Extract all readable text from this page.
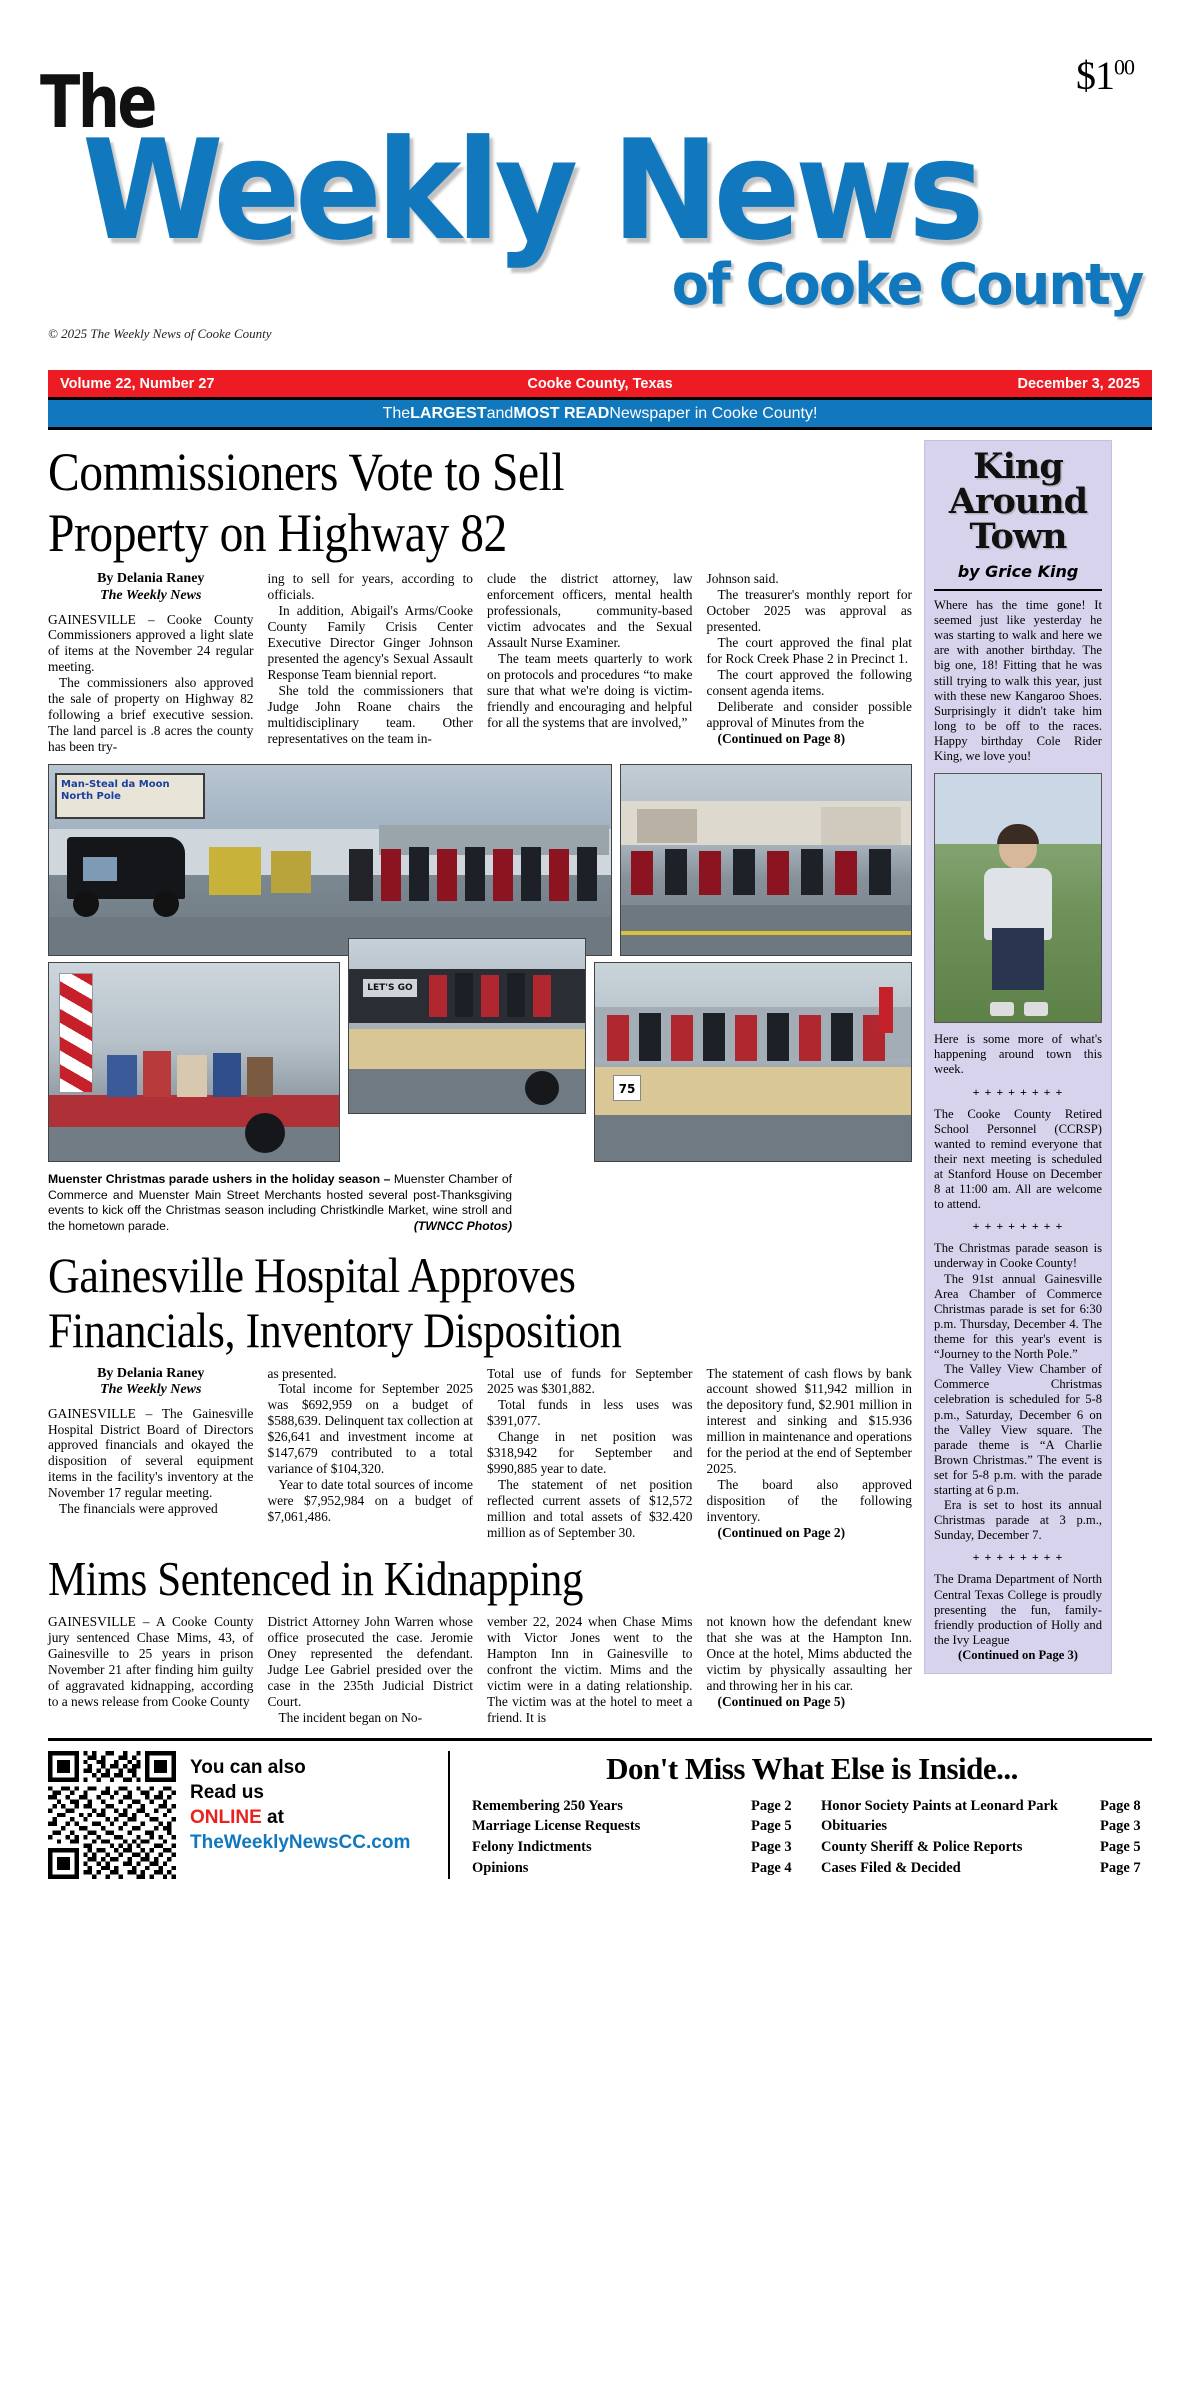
$\$1^{00}$
The
Weekly News
of Cooke County
© 2025 The Weekly News of Cooke County
Volume 22, Number 27	Cooke County, Texas	December 3, 2025
The LARGEST and MOST READ Newspaper in Cooke County!
Commissioners Vote to Sell
Property on Highway 82
By Delania Raney
The Weekly News

GAINESVILLE – Cooke County Commissioners approved a light slate of items at the November 24 regular meeting.

The commissioners also approved the sale of property on Highway 82 following a brief executive session. The land parcel is .8 acres the county has been try-

ing to sell for years, according to officials.

In addition, Abigail's Arms/Cooke County Family Crisis Center Executive Director Ginger Johnson presented the agency's Sexual Assault Response Team biennial report.

She told the commissioners that Judge John Roane chairs the multidisciplinary team. Other representatives on the team in-

clude the district attorney, law enforcement officers, mental health professionals, community-based victim advocates and the Sexual Assault Nurse Examiner.

The team meets quarterly to work on protocols and procedures “to make sure that what we're doing is victim-friendly and encouraging and helpful for all the systems that are involved,”

Johnson said.

The treasurer's monthly report for October 2025 was approval as presented.

The court approved the final plat for Rock Creek Phase 2 in Precinct 1.

The court approved the following consent agenda items.

Deliberate and consider possible approval of Minutes from the

(Continued on Page 8)

Man-Steal da Moon North Pole
LET'S GO
75
Muenster Christmas parade ushers in the holiday season – Muenster Chamber of Commerce and Muenster Main Street Merchants hosted several post-Thanksgiving events to kick off the Christmas season including Christkindle Market, wine stroll and the hometown parade.	(TWNCC Photos)
Gainesville Hospital Approves
Financials, Inventory Disposition
By Delania Raney
The Weekly News

GAINESVILLE – The Gainesville Hospital District Board of Directors approved financials and okayed the disposition of several equipment items in the facility's inventory at the November 17 regular meeting.

The financials were approved

as presented.

Total income for September 2025 was $692,959 on a budget of $588,639. Delinquent tax collection at $26,641 and investment income at $147,679 contributed to a total variance of $104,320.

Year to date total sources of income were $7,952,984 on a budget of $7,061,486.

Total use of funds for September 2025 was $301,882.

Total funds in less uses was $391,077.

Change in net position was $318,942 for September and $990,885 year to date.

The statement of net position reflected current assets of $12,572 million and total assets of $32.420 million as of September 30.

The statement of cash flows by bank account showed $11,942 million in the depository fund, $2.901 million in interest and sinking and $15.936 million in maintenance and operations for the period at the end of September 2025.

The board also approved disposition of the following inventory.

(Continued on Page 2)

Mims Sentenced in Kidnapping

GAINESVILLE – A Cooke County jury sentenced Chase Mims, 43, of Gainesville to 25 years in prison November 21 after finding him guilty of aggravated kidnapping, according to a news release from Cooke County

District Attorney John Warren whose office prosecuted the case. Jeromie Oney represented the defendant. Judge Lee Gabriel presided over the case in the 235th Judicial District Court.

The incident began on No-

vember 22, 2024 when Chase Mims with Victor Jones went to the Hampton Inn in Gainesville to confront the victim. Mims and the victim were in a dating relationship. The victim was at the hotel to meet a friend. It is

not known how the defendant knew that she was at the Hampton Inn. Once at the hotel, Mims abducted the victim by physically assaulting her and throwing her in his car.

(Continued on Page 5)

King
Around
Town
by Grice King

Where has the time gone! It seemed just like yesterday he was starting to walk and here we are with another birthday. The big one, 18! Fitting that he was still trying to walk this year, just with these new Kangaroo Shoes. Surprisingly it didn't take him long to be off to the races. Happy birthday Cole Rider King, we love you!

Here is some more of what's happening around town this week.

+ + + + + + + +

The Cooke County Retired School Personnel (CCRSP) wanted to remind everyone that their next meeting is scheduled at Stanford House on December 8 at 11:00 am. All are welcome to attend.

+ + + + + + + +

The Christmas parade season is underway in Cooke County!

The 91st annual Gainesville Area Chamber of Commerce Christmas parade is set for 6:30 p.m. Thursday, December 4. The theme for this year's event is “Journey to the North Pole.”

The Valley View Chamber of Commerce Christmas celebration is scheduled for 5-8 p.m., Saturday, December 6 on the Valley View square. The parade theme is “A Charlie Brown Christmas.” The event is set for 5-8 p.m. with the parade starting at 6 p.m.

Era is set to host its annual Christmas parade at 3 p.m., Sunday, December 7.

+ + + + + + + +

The Drama Department of North Central Texas College is proudly presenting the fun, family-friendly production of Holly and the Ivy League

(Continued on Page 3)

You can also
Read us
ONLINE at
TheWeeklyNewsCC.com
Don't Miss What Else is Inside...
Remembering 250 Years	Page 2
Marriage License Requests	Page 5
Felony Indictments	Page 3
Opinions	Page 4
Honor Society Paints at Leonard Park	Page 8
Obituaries	Page 3
County Sheriff & Police Reports	Page 5
Cases Filed & Decided	Page 7
